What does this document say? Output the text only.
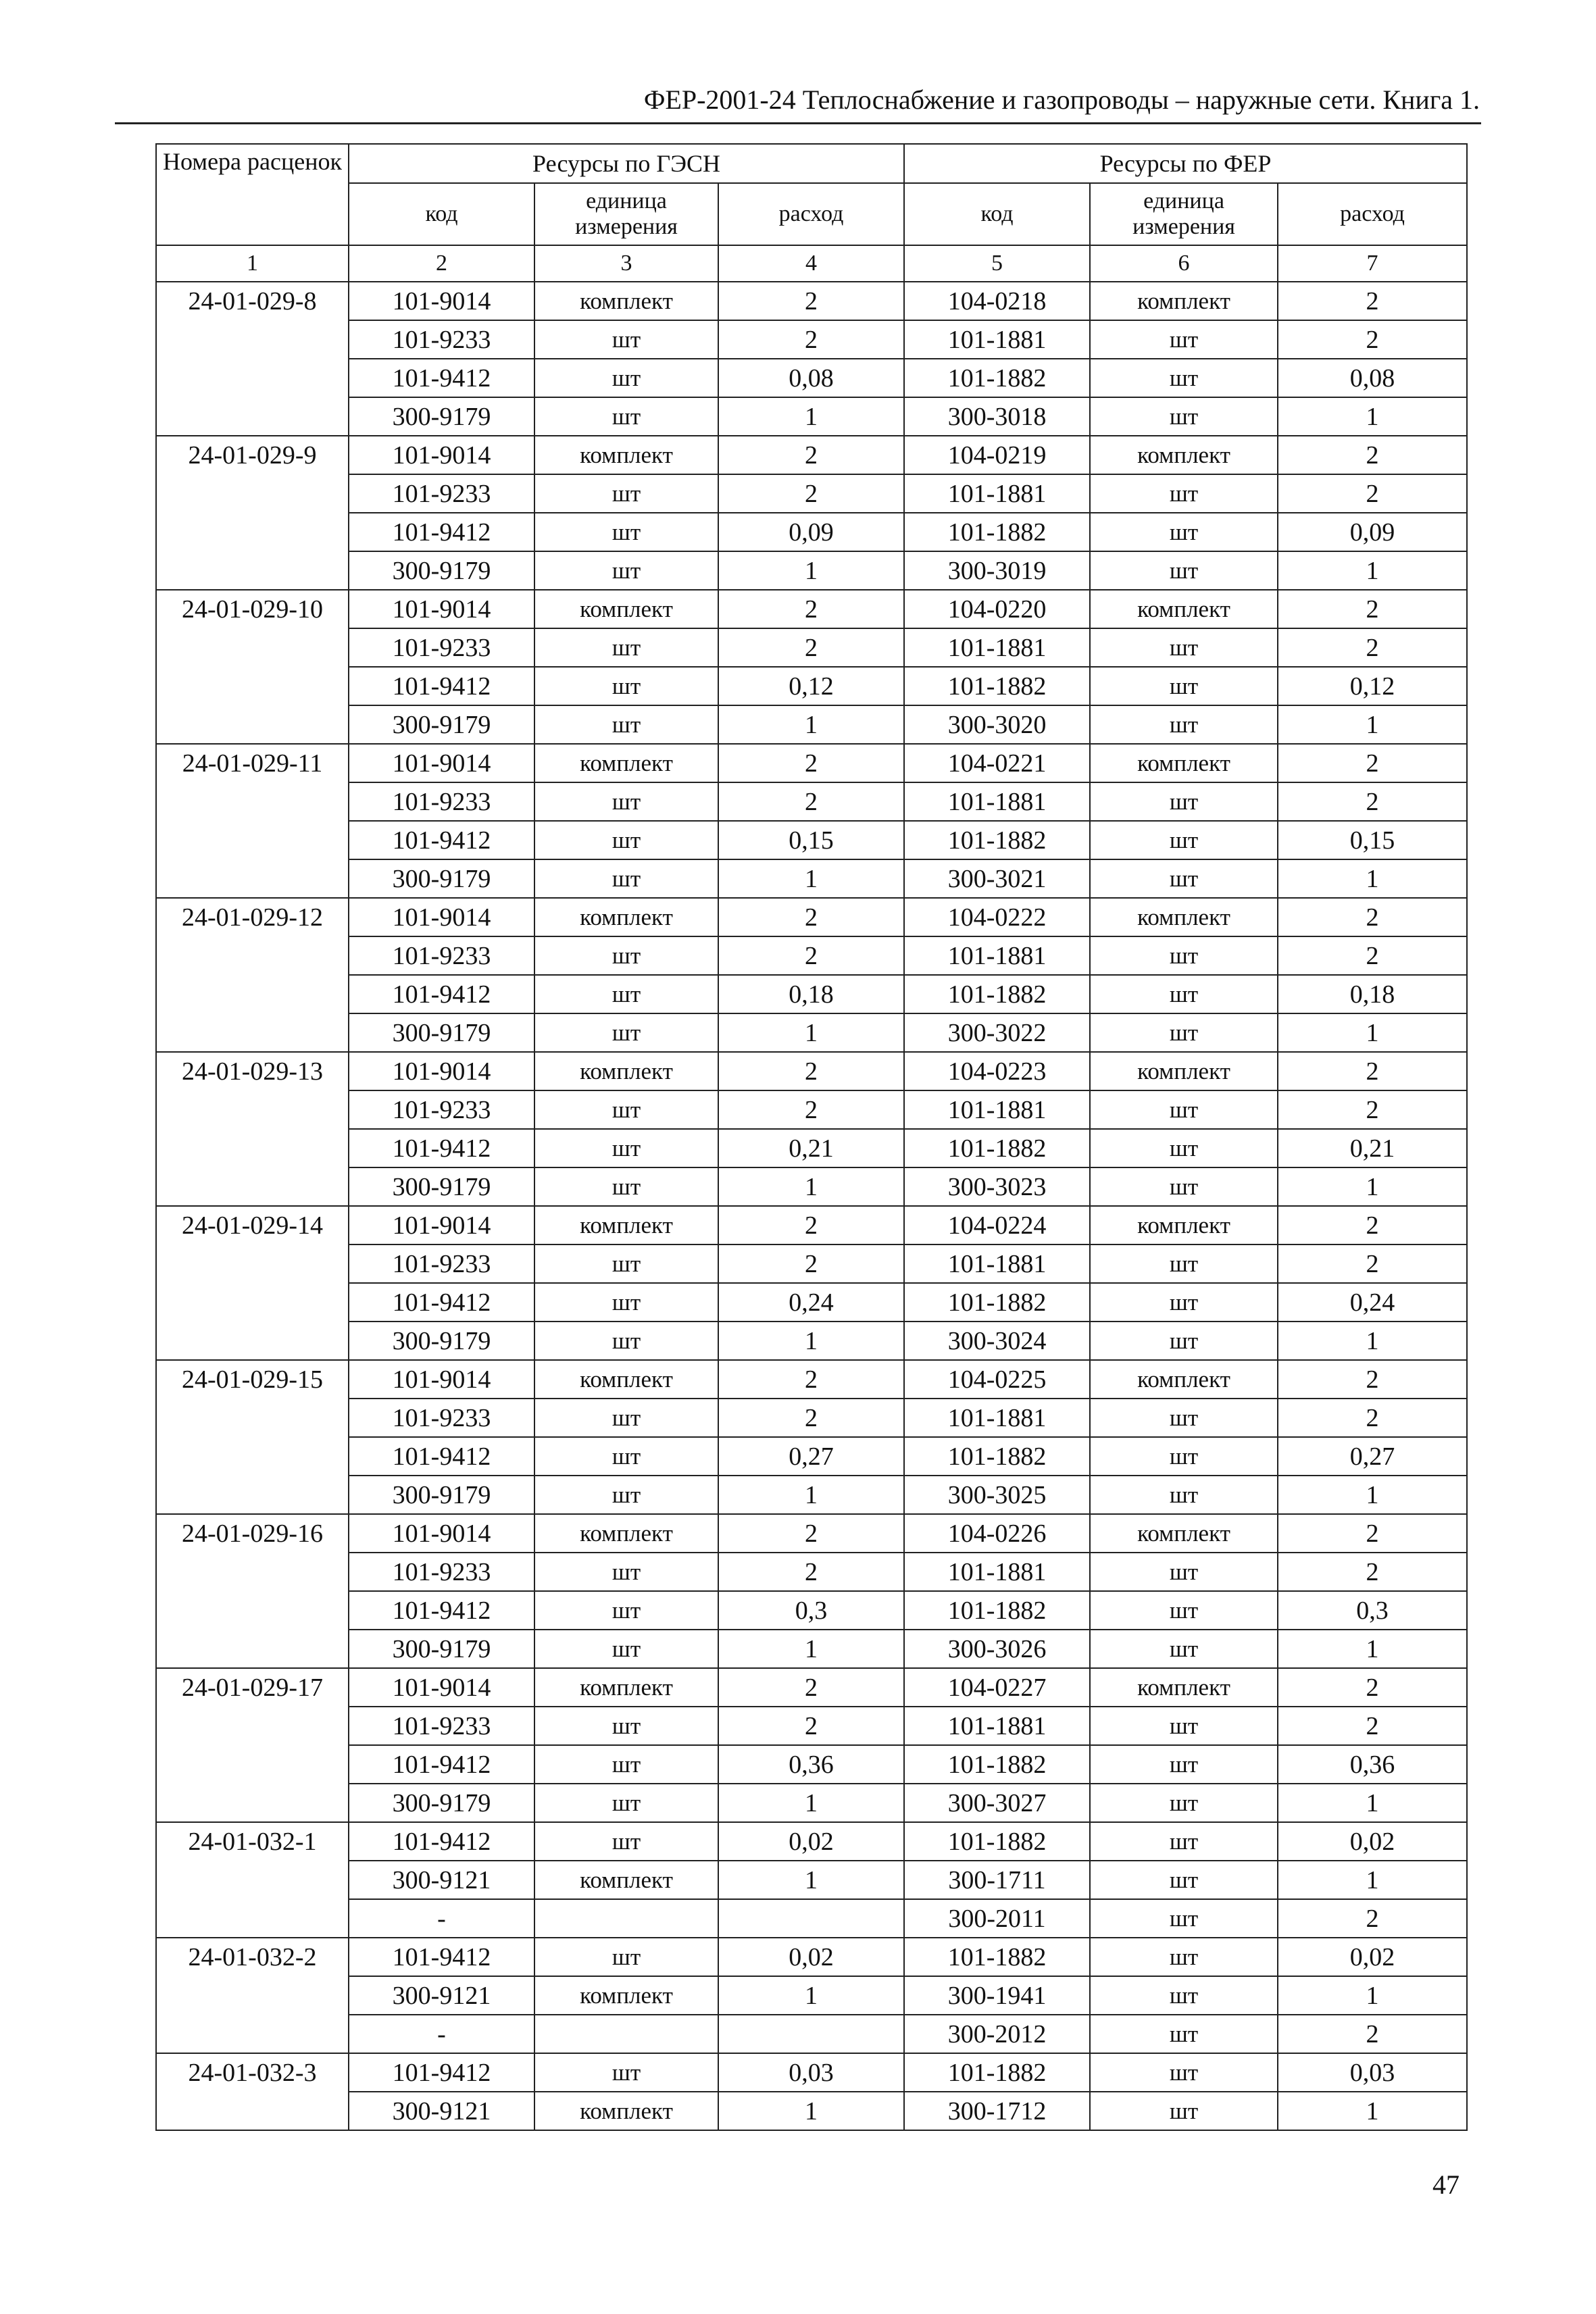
ФЕР-2001-24 Теплоснабжение и газопроводы – наружные сети. Книга 1.
Номера расценок	Ресурсы по ГЭСН			Ресурсы по ФЕР		
	код	единица измерения	расход	код	единица измерения	расход
1	2	3	4	5	6	7
24-01-029-8	101-9014	комплект	2	104-0218	комплект	2
	101-9233	шт	2	101-1881	шт	2
	101-9412	шт	0,08	101-1882	шт	0,08
	300-9179	шт	1	300-3018	шт	1
24-01-029-9	101-9014	комплект	2	104-0219	комплект	2
	101-9233	шт	2	101-1881	шт	2
	101-9412	шт	0,09	101-1882	шт	0,09
	300-9179	шт	1	300-3019	шт	1
24-01-029-10	101-9014	комплект	2	104-0220	комплект	2
	101-9233	шт	2	101-1881	шт	2
	101-9412	шт	0,12	101-1882	шт	0,12
	300-9179	шт	1	300-3020	шт	1
24-01-029-11	101-9014	комплект	2	104-0221	комплект	2
	101-9233	шт	2	101-1881	шт	2
	101-9412	шт	0,15	101-1882	шт	0,15
	300-9179	шт	1	300-3021	шт	1
24-01-029-12	101-9014	комплект	2	104-0222	комплект	2
	101-9233	шт	2	101-1881	шт	2
	101-9412	шт	0,18	101-1882	шт	0,18
	300-9179	шт	1	300-3022	шт	1
24-01-029-13	101-9014	комплект	2	104-0223	комплект	2
	101-9233	шт	2	101-1881	шт	2
	101-9412	шт	0,21	101-1882	шт	0,21
	300-9179	шт	1	300-3023	шт	1
24-01-029-14	101-9014	комплект	2	104-0224	комплект	2
	101-9233	шт	2	101-1881	шт	2
	101-9412	шт	0,24	101-1882	шт	0,24
	300-9179	шт	1	300-3024	шт	1
24-01-029-15	101-9014	комплект	2	104-0225	комплект	2
	101-9233	шт	2	101-1881	шт	2
	101-9412	шт	0,27	101-1882	шт	0,27
	300-9179	шт	1	300-3025	шт	1
24-01-029-16	101-9014	комплект	2	104-0226	комплект	2
	101-9233	шт	2	101-1881	шт	2
	101-9412	шт	0,3	101-1882	шт	0,3
	300-9179	шт	1	300-3026	шт	1
24-01-029-17	101-9014	комплект	2	104-0227	комплект	2
	101-9233	шт	2	101-1881	шт	2
	101-9412	шт	0,36	101-1882	шт	0,36
	300-9179	шт	1	300-3027	шт	1
24-01-032-1	101-9412	шт	0,02	101-1882	шт	0,02
	300-9121	комплект	1	300-1711	шт	1
	-			300-2011	шт	2
24-01-032-2	101-9412	шт	0,02	101-1882	шт	0,02
	300-9121	комплект	1	300-1941	шт	1
	-			300-2012	шт	2
24-01-032-3	101-9412	шт	0,03	101-1882	шт	0,03
	300-9121	комплект	1	300-1712	шт	1
47
